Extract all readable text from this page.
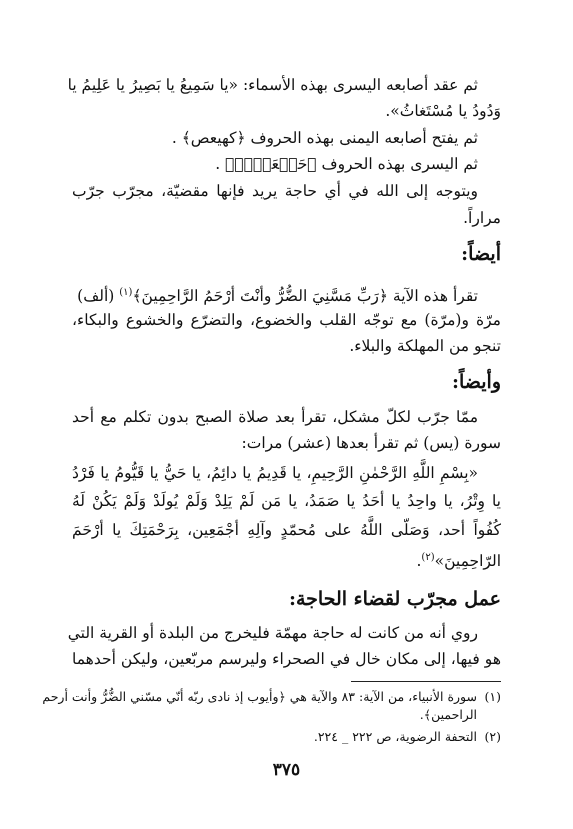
ثم عقد أصابعه اليسرى بهذه الأسماء: «يا سَمِيعُ يا بَصِيرُ يا عَلِيمُ يا
وَدُودُ يا مُسْتَغاثُ».
ثم يفتح أصابعه اليمنى بهذه الحروف ﴿كهيعص﴾ .
ثم اليسرى بهذه الحروف ﴿حَمۤعَسۤقۤ﴾ .
ويتوجه إلى الله في أي حاجة يريد فإنها مقضيّة، مجرّب جرّب
مراراً.
أيضاً:
تقرأ هذه الآية ﴿رَبِّ مَسَّنِيَ الضُّرُّ وأنْتَ أرْحَمُ الرَّاحِمِينَ﴾$^{(١)}$ (ألف)
مرّة و(مرّة) مع توجّه القلب والخضوع، والتضرّع والخشوع والبكاء،
تنجو من المهلكة والبلاء.
وأيضاً:
ممّا جرّب لكلّ مشكل، تقرأ بعد صلاة الصبح بدون تكلم مع أحد
سورة (يس) ثم تقرأ بعدها (عشر) مرات:
«بِسْمِ اللَّهِ الرَّحْمٰنِ الرَّحِيمِ، يا قَدِيمُ يا دائِمُ، يا حَيُّ يا قَيُّومُ يا فَرْدُ
يا وِتْرُ، يا واحِدُ يا أحَدُ يا صَمَدُ، يا مَن لَمْ يَلِدْ وَلَمْ يُولَدْ وَلَمْ يَكُنْ لَهُ
كُفُواً أحد، وَصَلّى اللَّهُ على مُحمّدٍ وآلِهِ أجْمَعِين، بِرَحْمَتِكَ يا أرْحَمَ
الرّاحِمِينَ»$^{(٢)}$.
عمل مجرّب لقضاء الحاجة:
روي أنه من كانت له حاجة مهمّة فليخرج من البلدة أو القرية التي
هو فيها، إلى مكان خال في الصحراء وليرسم مربّعين، وليكن أحدهما
(١)سورة الأنبياء، من الآية: ٨٣ والآية هي ﴿وأيوب إذ نادى ربّه أنّي مسّني الضُّرُّ وأنت أرحم
الراحمين﴾.
(٢)التحفة الرضوية، ص ٢٢٢ _ ٢٢٤.
٣٧٥
